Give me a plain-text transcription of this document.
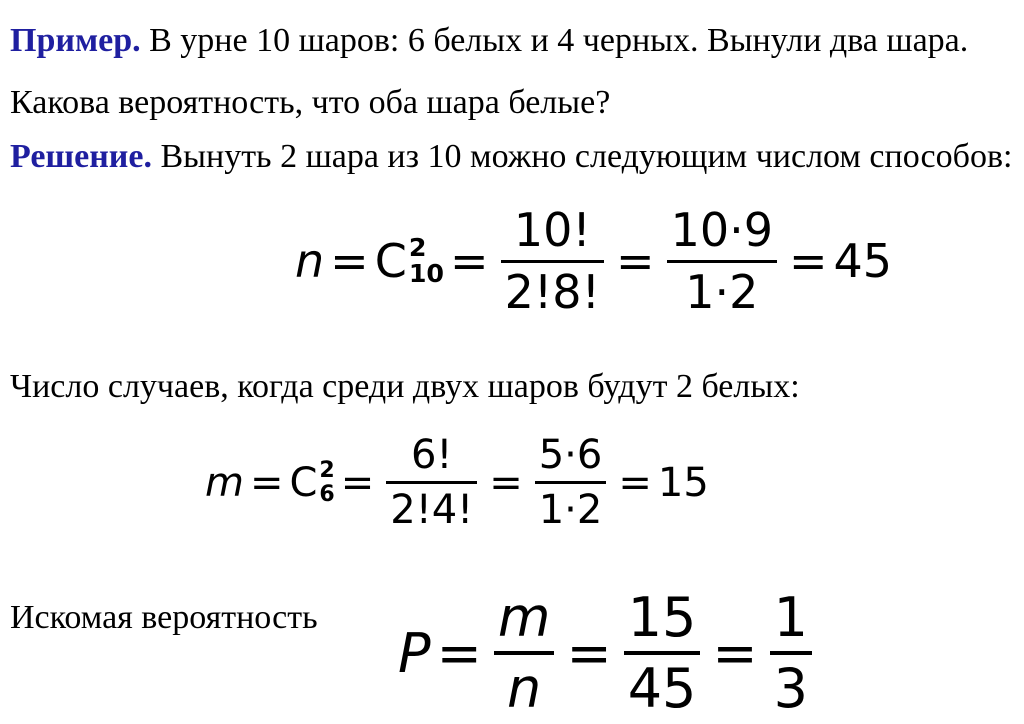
Пример. В урне 10 шаров: 6 белых и 4 черных. Вынули два шара. Какова вероятность, что оба шара белые?

Решение. Вынуть 2 шара из 10 можно следующим числом способов:

n = C 2
$10 = \frac{10!}{2!8!} = \frac{10\cdot 9}{1\cdot 2} = 45$

Число случаев, когда среди двух шаров будут 2 белых:

m = C 2
$6 = \frac{6!}{2!4!} = \frac{5\cdot 6}{1\cdot 2} = 15$

Искомая вероятность

$P = \frac{m}{n} = \frac{15}{45} = \frac{1}{3}$
